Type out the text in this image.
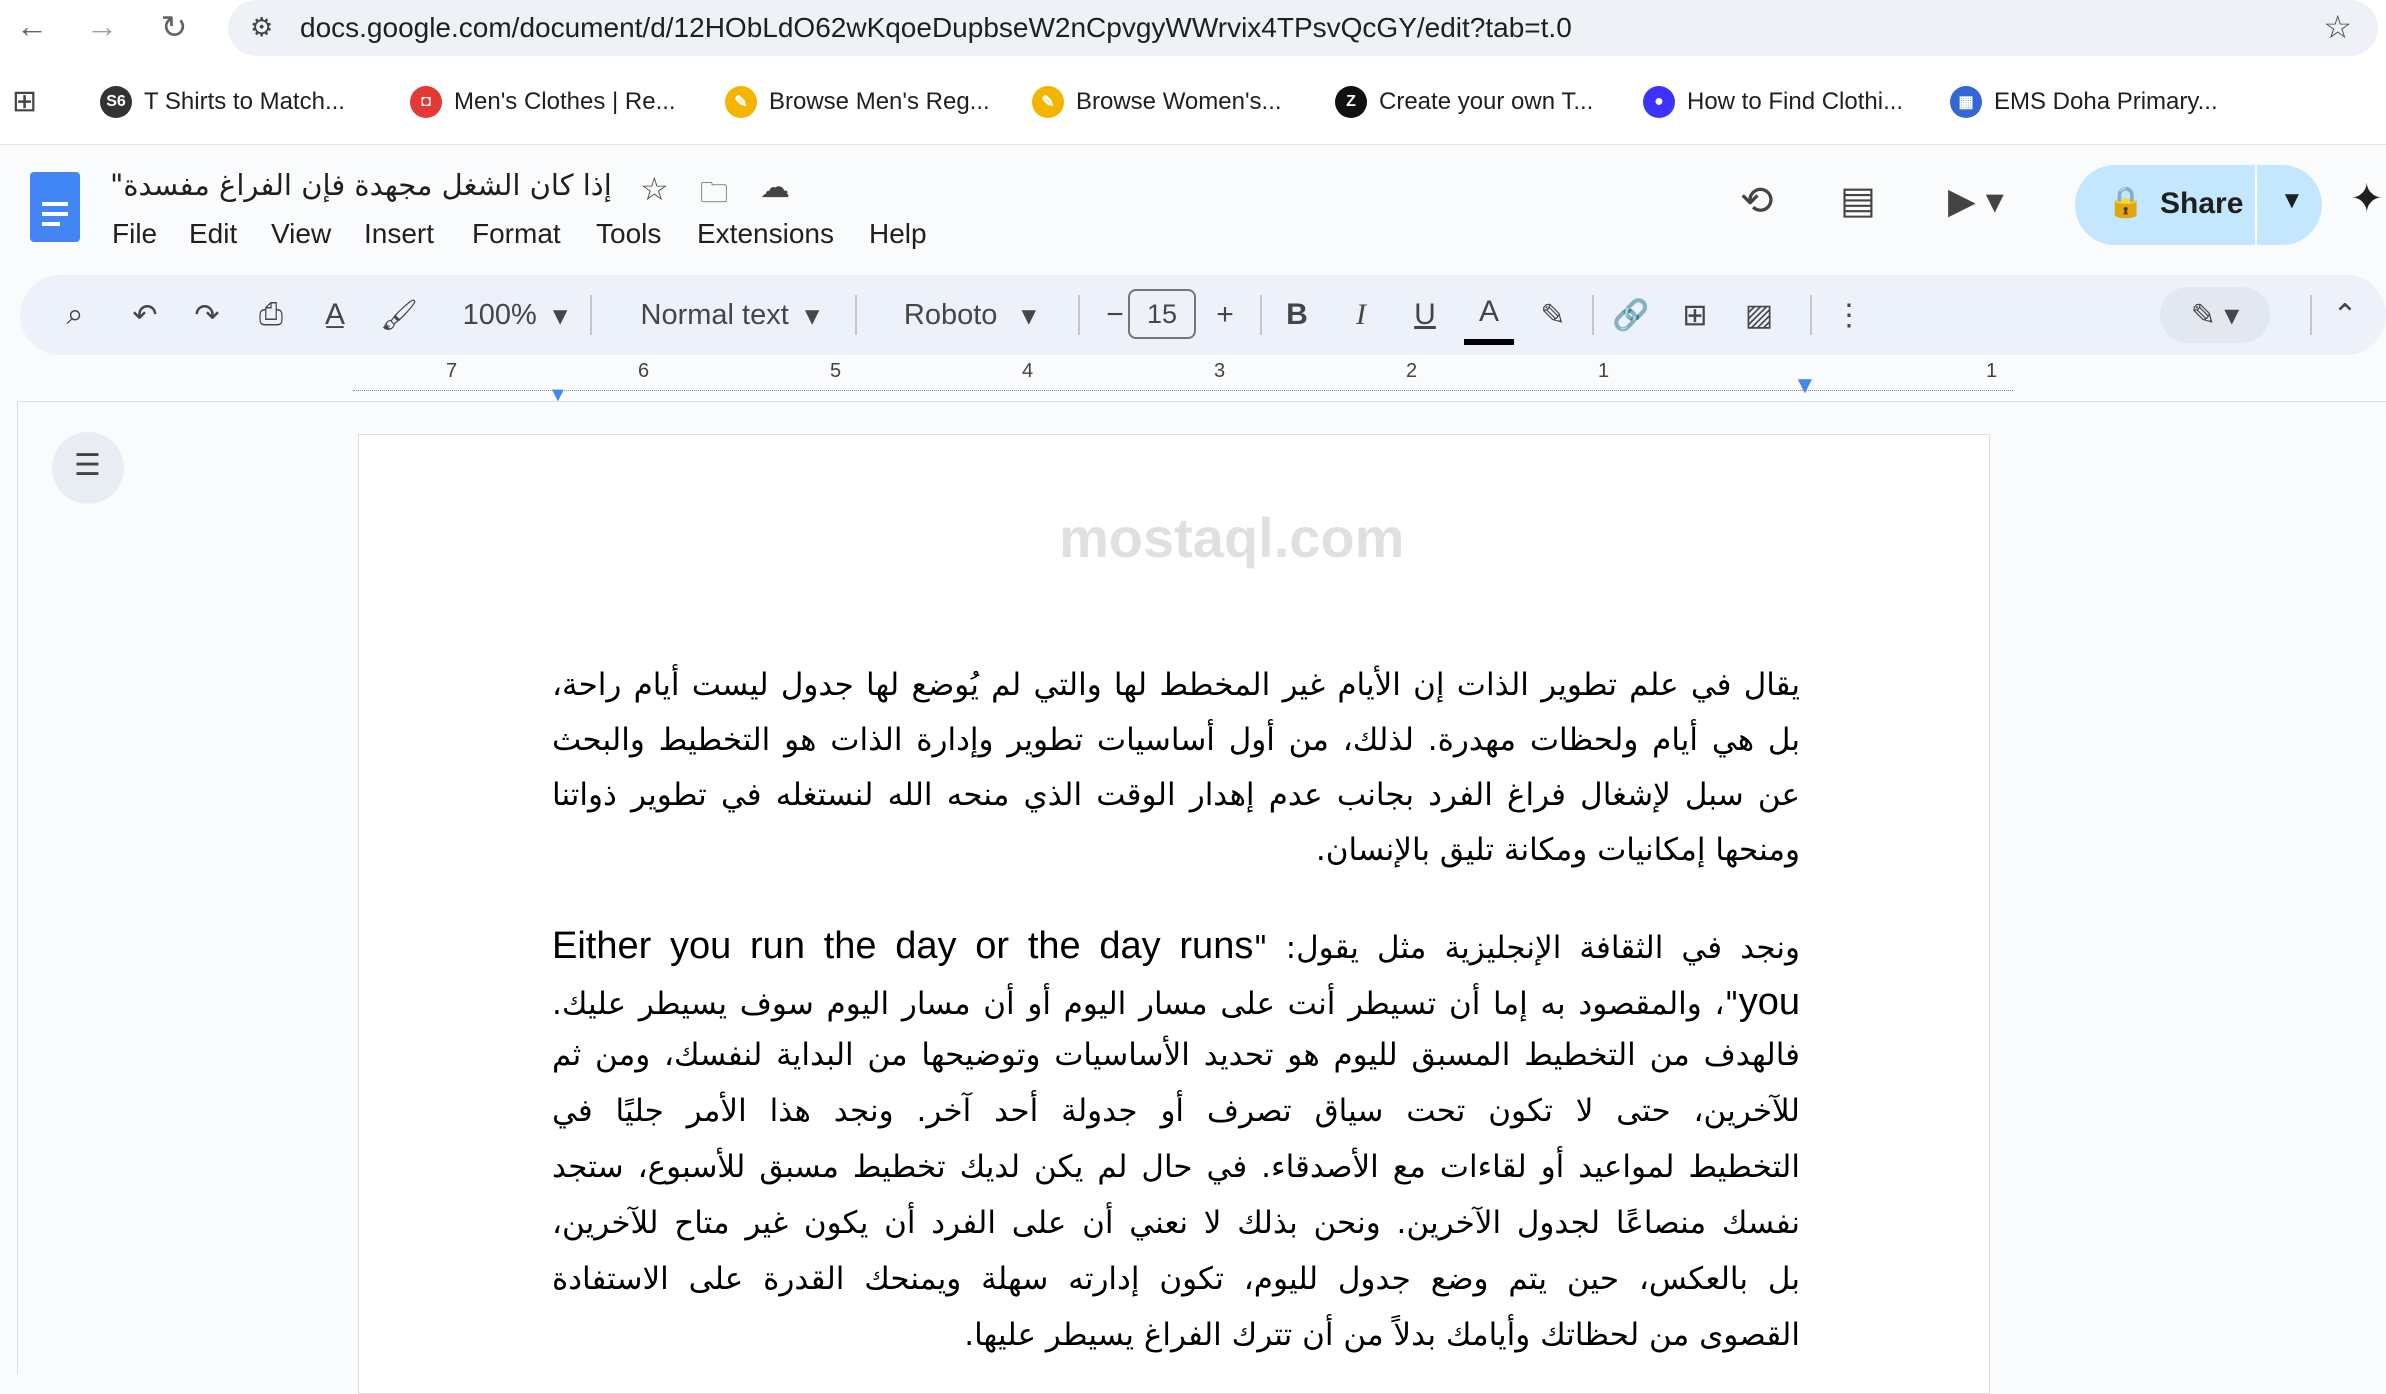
← → ↻	⚙ docs.google.com/document/d/12HObLdO62wKqoeDupbseW2nCpvgyWWrvix4TPsvQcGY/edit?tab=t.0	☆
⊞	S6 T Shirts to Match...	◘ Men's Clothes | Re...	✎ Browse Men's Reg...	✎ Browse Women's...	Z Create your own T...	● How to Find Clothi...	▦ EMS Doha Primary...
إذا كان الشغل مجهدة فإن الفراغ مفسدة" ☆ 🗀 ☁
File Edit View Insert Format Tools Extensions Help
⟲ ▤ ▶ ▾	🔒 Share ▼ ✦
⌕	↶	↷	⎙	A̲	🖌 100% ▾	Normal text ▾	Roboto ▾	− 15	+	B	I	U	A	✎	🔗	⊞	▨	⋮	✎ ▾	⌃
▼	▼
7	6	5	4	3	2	1	1
☰
mostaql.com
يقال في علم تطوير الذات إن الأيام غير المخطط لها والتي لم يُوضع لها جدول ليست أيام راحة،
بل هي أيام ولحظات مهدرة. لذلك، من أول أساسيات تطوير وإدارة الذات هو التخطيط والبحث
عن سبل لإشغال فراغ الفرد بجانب عدم إهدار الوقت الذي منحه الله لنستغله في تطوير ذواتنا
ومنحها إمكانيات ومكانة تليق بالإنسان.
ونجد في الثقافة الإنجليزية مثل يقول: "Either you run the day or the day runs
you"، والمقصود به إما أن تسيطر أنت على مسار اليوم أو أن مسار اليوم سوف يسيطر عليك.
فالهدف من التخطيط المسبق لليوم هو تحديد الأساسيات وتوضيحها من البداية لنفسك، ومن ثم
للآخرين، حتى لا تكون تحت سياق تصرف أو جدولة أحد آخر. ونجد هذا الأمر جليًا في
التخطيط لمواعيد أو لقاءات مع الأصدقاء. في حال لم يكن لديك تخطيط مسبق للأسبوع، ستجد
نفسك منصاعًا لجدول الآخرين. ونحن بذلك لا نعني أن على الفرد أن يكون غير متاح للآخرين،
بل بالعكس، حين يتم وضع جدول لليوم، تكون إدارته سهلة ويمنحك القدرة على الاستفادة
القصوى من لحظاتك وأيامك بدلاً من أن تترك الفراغ يسيطر عليها.
